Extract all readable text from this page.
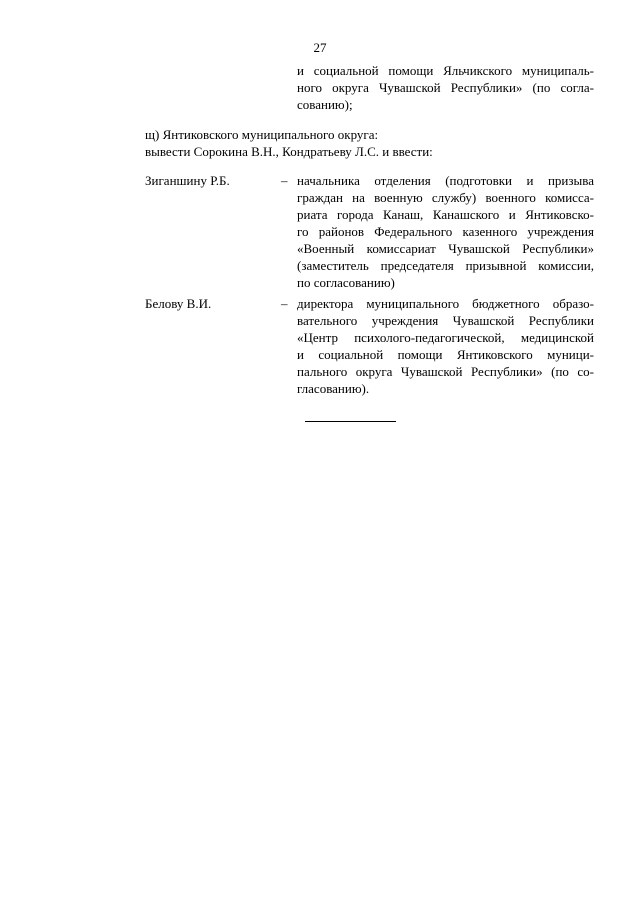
27
и социальной помощи Яльчикского муниципаль-
ного округа Чувашской Республики» (по согла-
сованию);
щ) Янтиковского муниципального округа:
вывести Сорокина В.Н., Кондратьеву Л.С. и ввести:
Зиганшину Р.Б.	– начальника отделения (подготовки и призыва
граждан на военную службу) военного комисса-
риата города Канаш, Канашского и Янтиковско-
го районов Федерального казенного учреждения
«Военный комиссариат Чувашской Республики»
(заместитель председателя призывной комиссии,
по согласованию)
Белову В.И.	– директора муниципального бюджетного образо-
вательного учреждения Чувашской Республики
«Центр психолого-педагогической, медицинской
и социальной помощи Янтиковского муници-
пального округа Чувашской Республики» (по со-
гласованию).
